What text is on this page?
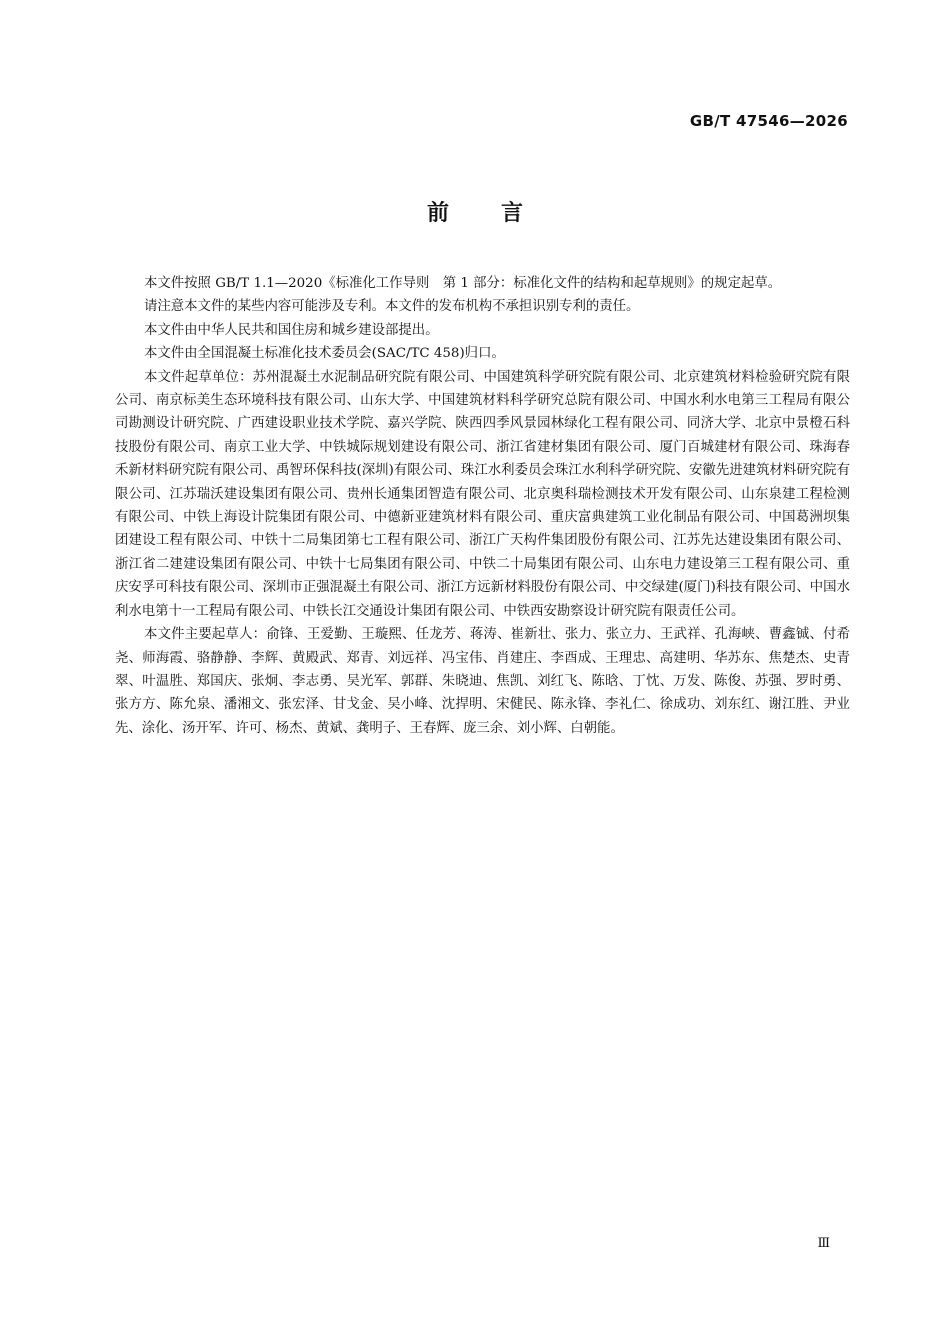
GB/T 47546—2026
前言

本文件按照 GB/T 1.1—2020《标准化工作导则　第 1 部分：标准化文件的结构和起草规则》的规定起草。

请注意本文件的某些内容可能涉及专利。本文件的发布机构不承担识别专利的责任。

本文件由中华人民共和国住房和城乡建设部提出。

本文件由全国混凝土标准化技术委员会(SAC/TC 458)归口。

本文件起草单位：苏州混凝土水泥制品研究院有限公司、中国建筑科学研究院有限公司、北京建筑材料检验研究院有限公司、南京标美生态环境科技有限公司、山东大学、中国建筑材料科学研究总院有限公司、中国水利水电第三工程局有限公司勘测设计研究院、广西建设职业技术学院、嘉兴学院、陕西四季风景园林绿化工程有限公司、同济大学、北京中景橙石科技股份有限公司、南京工业大学、中铁城际规划建设有限公司、浙江省建材集团有限公司、厦门百城建材有限公司、珠海春禾新材料研究院有限公司、禹智环保科技(深圳)有限公司、珠江水利委员会珠江水利科学研究院、安徽先进建筑材料研究院有限公司、江苏瑞沃建设集团有限公司、贵州长通集团智造有限公司、北京奥科瑞检测技术开发有限公司、山东泉建工程检测有限公司、中铁上海设计院集团有限公司、中德新亚建筑材料有限公司、重庆富典建筑工业化制品有限公司、中国葛洲坝集团建设工程有限公司、中铁十二局集团第七工程有限公司、浙江广天构件集团股份有限公司、江苏先达建设集团有限公司、浙江省二建建设集团有限公司、中铁十七局集团有限公司、中铁二十局集团有限公司、山东电力建设第三工程有限公司、重庆安孚可科技有限公司、深圳市正强混凝土有限公司、浙江方远新材料股份有限公司、中交绿建(厦门)科技有限公司、中国水利水电第十一工程局有限公司、中铁长江交通设计集团有限公司、中铁西安勘察设计研究院有限责任公司。

本文件主要起草人：俞锋、王爱勤、王璇熙、任龙芳、蒋涛、崔新壮、张力、张立力、王武祥、孔海峡、曹鑫铖、付希尧、师海霞、骆静静、李辉、黄殿武、郑青、刘远祥、冯宝伟、肖建庄、李酉成、王理忠、高建明、华苏东、焦楚杰、史青翠、叶温胜、郑国庆、张炯、李志勇、吴光军、郭群、朱晓迪、焦凯、刘红飞、陈晗、丁忱、万发、陈俊、苏强、罗时勇、张方方、陈允泉、潘湘文、张宏泽、甘戈金、吴小峰、沈捍明、宋健民、陈永锋、李礼仁、徐成功、刘东红、谢江胜、尹业先、涂化、汤开军、许可、杨杰、黄斌、龚明子、王春辉、庞三余、刘小辉、白朝能。

Ⅲ
